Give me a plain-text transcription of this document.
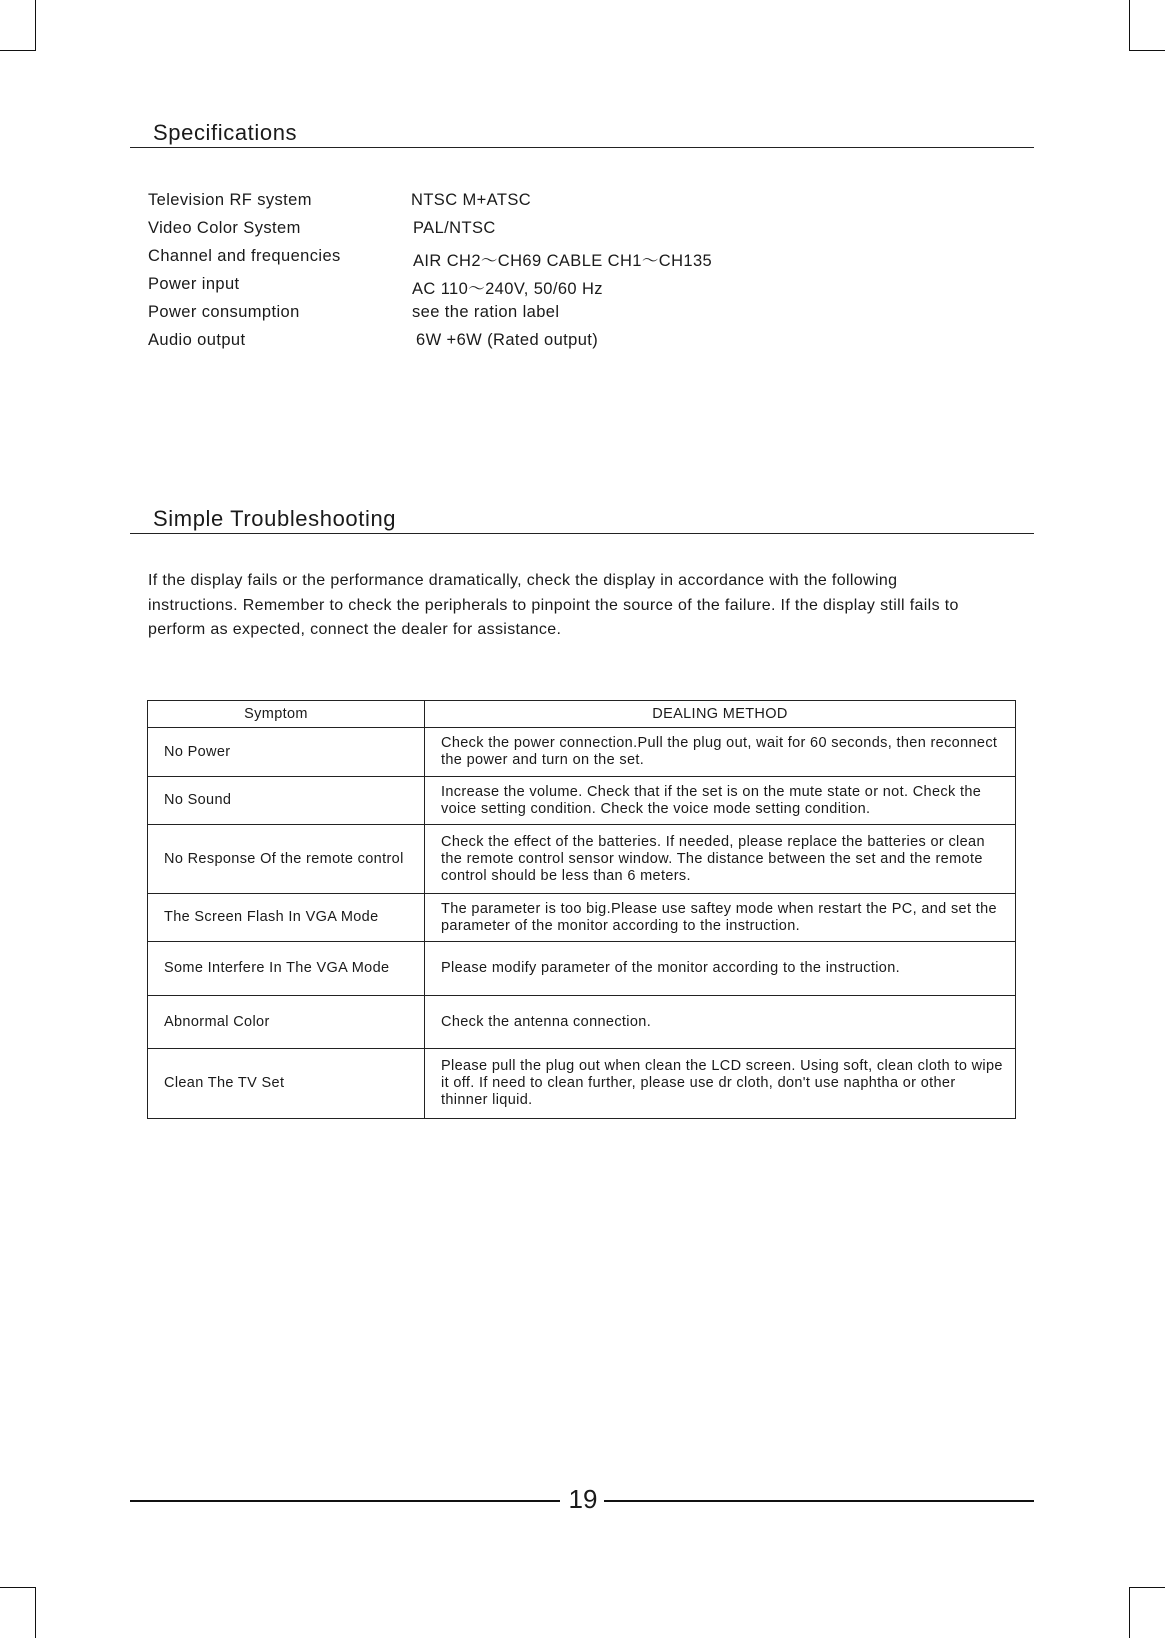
Specifications
Television RF system	NTSC M+ATSC
Video Color System	PAL/NTSC
Channel and frequencies	AIR CH2～CH69 CABLE CH1～CH135
Power input	AC 110～240V, 50/60 Hz
Power consumption	see the ration label
Audio output	6W +6W (Rated output)
Simple Troubleshooting
If the display fails or the performance dramatically, check the display in accordance with the following instructions. Remember to check the peripherals to pinpoint the source of the failure. If the display still fails to perform as expected, connect the dealer for assistance.
Symptom	DEALING METHOD
No Power	Check the power connection.Pull the plug out, wait for 60 seconds, then reconnect the power and turn on the set.
No Sound	Increase the volume. Check that if the set is on the mute state or not. Check the voice setting condition. Check the voice mode setting condition.
No Response Of the remote control	Check the effect of the batteries. If needed, please replace the batteries or clean the remote control sensor window. The distance between the set and the remote control should be less than 6 meters.
The Screen Flash In VGA Mode	The parameter is too big.Please use saftey mode when restart the PC, and set the parameter of the monitor according to the instruction.
Some Interfere In The VGA Mode	Please modify parameter of the monitor according to the instruction.
Abnormal Color	Check the antenna connection.
Clean The TV Set	Please pull the plug out when clean the LCD screen. Using soft, clean cloth to wipe it off. If need to clean further, please use dr cloth, don't use naphtha or other thinner liquid.
19
